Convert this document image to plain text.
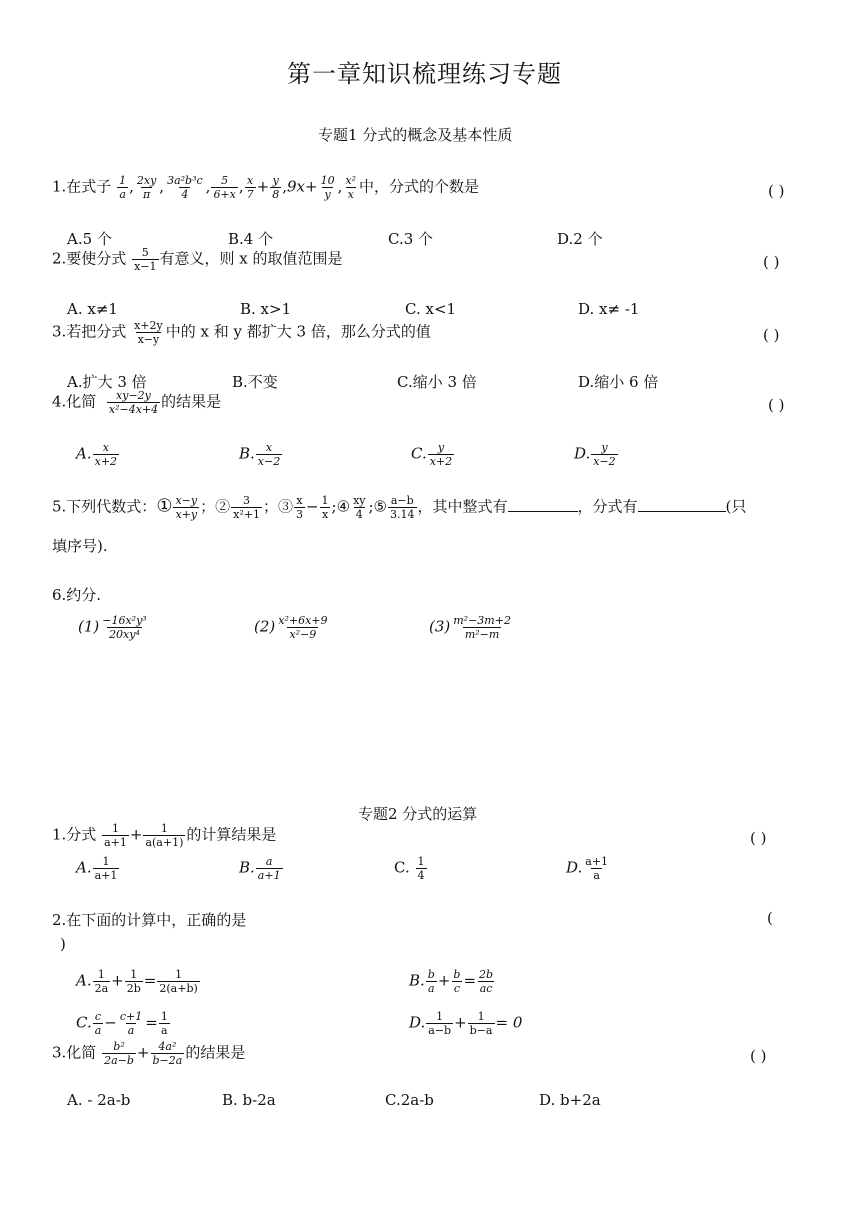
第一章知识梳理练习专题
专题1 分式的概念及基本性质
1.在式子 $\frac{1}{a}$ , $\frac{2xy}{\pi}$ , $\frac{\text{3a²b³c}}{4}$ , $\frac{5}{6+x}$ , $\frac{x}{7} + \frac{y}{8} ,9x+ \frac{10}{y}$ , $\frac{\text{x²}}{x}$ 中，分式的个数是	( )
A.5 个	B.4 个	C.3 个	D.2 个
2.要使分式 $\frac{5}{x-1}$ 有意义，则 x 的取值范围是	( )
A. x≠1	B. x>1	C. x<1	D. x≠ -1
3.若把分式 $\frac{x+2y}{x-y}$ 中的 x 和 y 都扩大 3 倍，那么分式的值	( )
A.扩大 3 倍	B.不变	C.缩小 3 倍	D.缩小 6 倍
4.化简 $\frac{xy-2y}{\text{x²−4x+4}}$ 的结果是	( )
A. $\frac{x}{x+2}$	B. $\frac{x}{x-2}$	C. $\frac{y}{x+2}$	D. $\frac{y}{x-2}$
5.下列代数式：① $\frac{x-y}{x+y}$ ；② $\frac{3}{\text{x²+1}}$ ；③ $\frac{x}{3} - \frac{1}{x}$ ;④ $\frac{xy}{4}$ ;⑤ $\frac{a-b}{3.14}$ ，其中整式有	，分式有	(只
填序号).
6.约分.
$(1) \frac{\text{−16x²y³}}{\text{20xy⁴}}$	$(2) \frac{\text{x²+6x+9}}{\text{x²−9}}$	$(3) \frac{\text{m²−3m+2}}{\text{m²−m}}$
专题2 分式的运算
1.分式 $\frac{1}{a+1} + \frac{1}{a(a+1)}$ 的计算结果是	( )
A. $\frac{1}{a+1}$	B. $\frac{a}{a+1}$	C. $\frac{1}{4}$	D. $\frac{a+1}{a}$
2.在下面的计算中，正确的是	(
)
A. $\frac{1}{2a} + \frac{1}{2b} = \frac{1}{2(a+b)}$	B. $\frac{b}{a} + \frac{b}{c} = \frac{2b}{ac}$
C. $\frac{c}{a} - \frac{c+1}{a} = \frac{1}{a}$	D. $\frac{1}{a-b} + \frac{1}{b-a} = 0$
3.化简 $\frac{\text{b²}}{2a-b} + \frac{\text{4a²}}{b-2a}$ 的结果是	( )
A. - 2a-b	B. b-2a	C.2a-b	D. b+2a
